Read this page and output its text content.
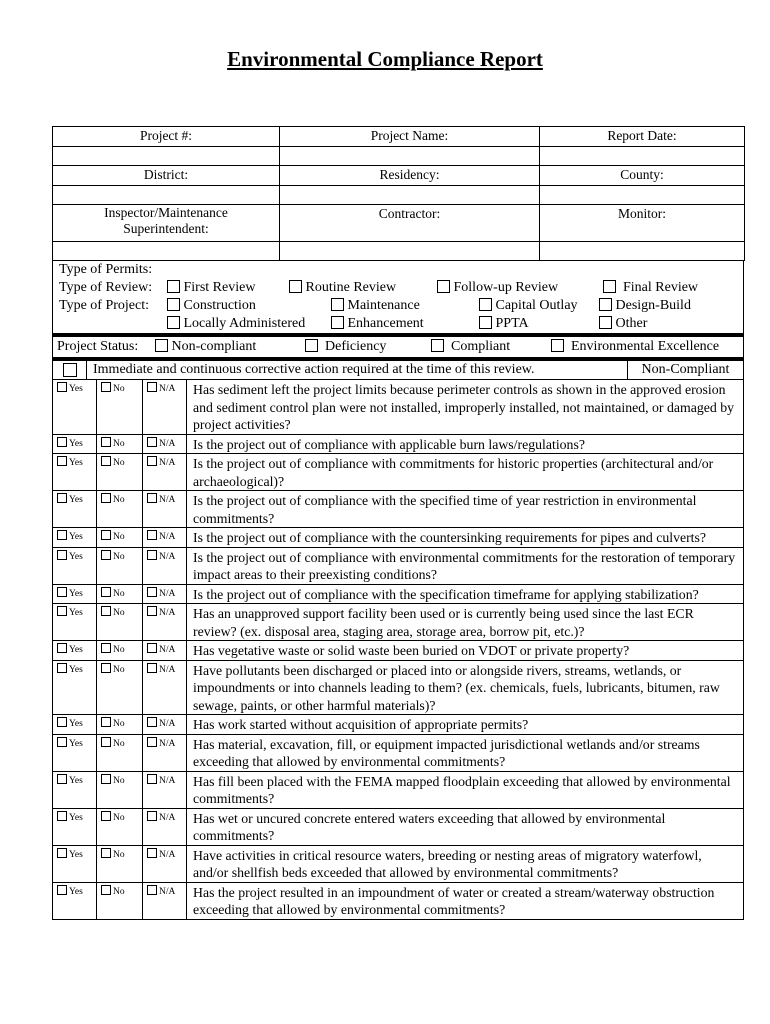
Environmental Compliance Report
Project #:	Project Name:	Report Date:

District:	Residency:	County:

Inspector/Maintenance Superintendent:	Contractor:	Monitor:

Type of Permits:
Type of Review:	First Review	Routine Review	Follow-up Review	Final Review
Type of Project:	Construction	Maintenance	Capital Outlay	Design-Build
Locally Administered	Enhancement	PPTA	Other
Project Status:	Non-compliant	Deficiency	Compliant	Environmental Excellence
Immediate and continuous corrective action required at the time of this review.	Non-Compliant
Yes	No	N/A	Has sediment left the project limits because perimeter controls as shown in the approved erosion and sediment control plan were not installed, improperly installed, not maintained, or damaged by project activities?
Yes	No	N/A	Is the project out of compliance with applicable burn laws/regulations?
Yes	No	N/A	Is the project out of compliance with commitments for historic properties (architectural and/or archaeological)?
Yes	No	N/A	Is the project out of compliance with the specified time of year restriction in environmental commitments?
Yes	No	N/A	Is the project out of compliance with the countersinking requirements for pipes and culverts?
Yes	No	N/A	Is the project out of compliance with environmental commitments for the restoration of temporary impact areas to their preexisting conditions?
Yes	No	N/A	Is the project out of compliance with the specification timeframe for applying stabilization?
Yes	No	N/A	Has an unapproved support facility been used or is currently being used since the last ECR review? (ex. disposal area, staging area, storage area, borrow pit, etc.)?
Yes	No	N/A	Has vegetative waste or solid waste been buried on VDOT or private property?
Yes	No	N/A	Have pollutants been discharged or placed into or alongside rivers, streams, wetlands, or impoundments or into channels leading to them? (ex. chemicals, fuels, lubricants, bitumen, raw sewage, paints, or other harmful materials)?
Yes	No	N/A	Has work started without acquisition of appropriate permits?
Yes	No	N/A	Has material, excavation, fill, or equipment impacted jurisdictional wetlands and/or streams exceeding that allowed by environmental commitments?
Yes	No	N/A	Has fill been placed with the FEMA mapped floodplain exceeding that allowed by environmental commitments?
Yes	No	N/A	Has wet or uncured concrete entered waters exceeding that allowed by environmental commitments?
Yes	No	N/A	Have activities in critical resource waters, breeding or nesting areas of migratory waterfowl, and/or shellfish beds exceeded that allowed by environmental commitments?
Yes	No	N/A	Has the project resulted in an impoundment of water or created a stream/waterway obstruction exceeding that allowed by environmental commitments?
